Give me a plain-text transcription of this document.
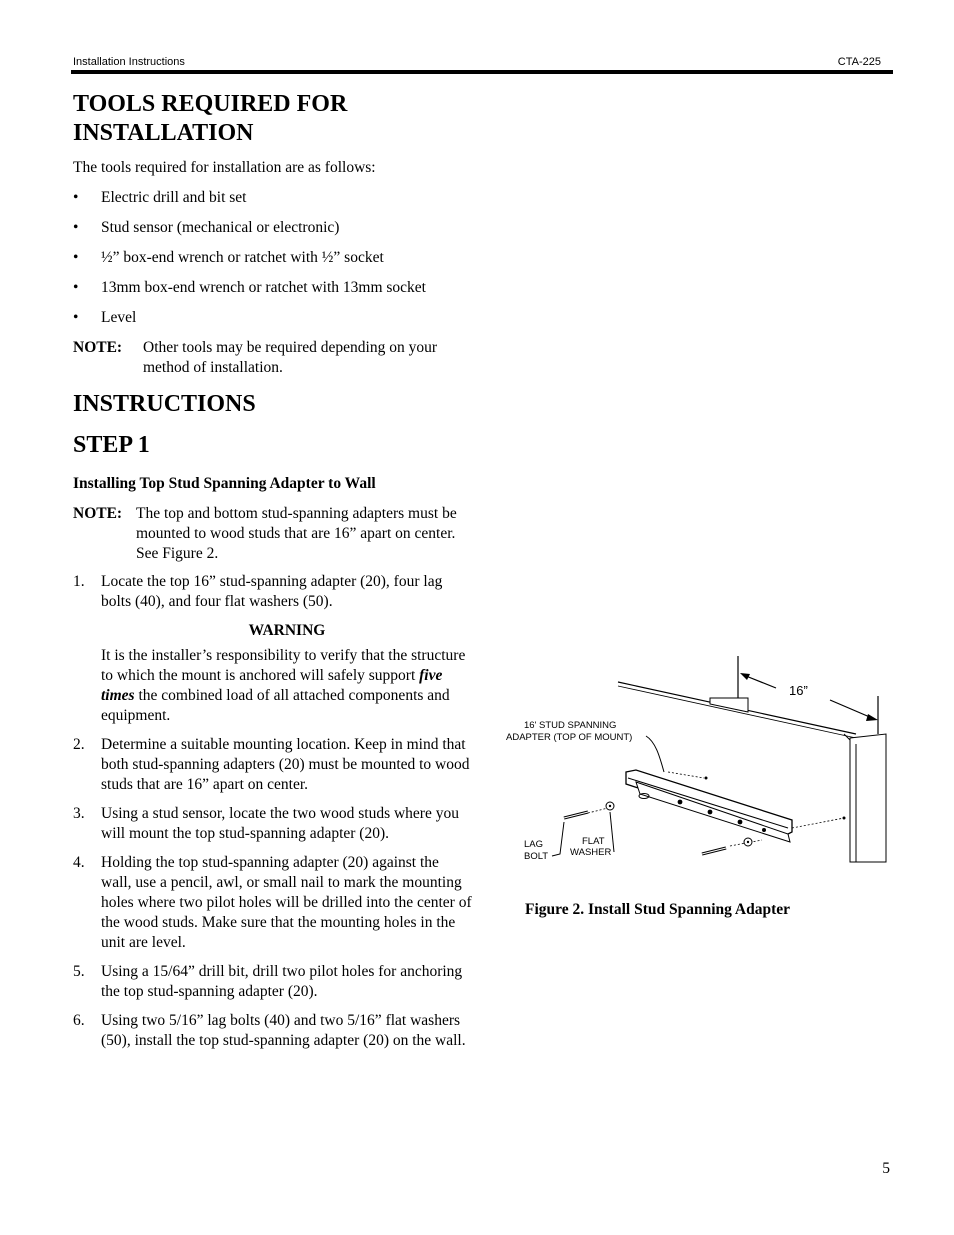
Installation Instructions	CTA-225
TOOLS REQUIRED FOR INSTALLATION

The tools required for installation are as follows:

• Electric drill and bit set
• Stud sensor (mechanical or electronic)
• ½” box-end wrench or ratchet with ½” socket
• 13mm box-end wrench or ratchet with 13mm socket
• Level
NOTE:	Other tools may be required depending on your method of installation.
INSTRUCTIONS
STEP 1

Installing Top Stud Spanning Adapter to Wall

NOTE: The top and bottom stud-spanning adapters must be mounted to wood studs that are 16” apart on center. See Figure 2.
1. Locate the top 16” stud-spanning adapter (20), four lag bolts (40), and four flat washers (50).
WARNING

It is the installer’s responsibility to verify that the structure to which the mount is anchored will safely support five times the combined load of all attached components and equipment.

2. Determine a suitable mounting location. Keep in mind that both stud-spanning adapters (20) must be mounted to wood studs that are 16” apart on center.
3. Using a stud sensor, locate the two wood studs where you will mount the top stud-spanning adapter (20).
4. Holding the top stud-spanning adapter (20) against the wall, use a pencil, awl, or small nail to mark the mounting holes where two pilot holes will be drilled into the center of the wood studs. Make sure that the mounting holes in the unit are level.
5. Using a 15/64” drill bit, drill two pilot holes for anchoring the top stud-spanning adapter (20).
6. Using two 5/16” lag bolts (40) and two 5/16” flat washers (50), install the top stud-spanning adapter (20) on the wall.
16”
16' STUD SPANNING
ADAPTER (TOP OF MOUNT)
LAG
BOLT
FLAT
WASHER
Figure 2. Install Stud Spanning Adapter
5
